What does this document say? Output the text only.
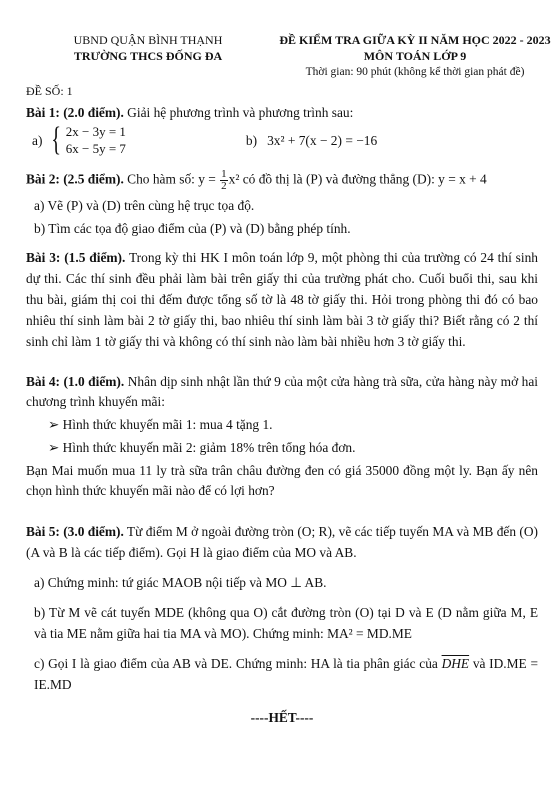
UBND QUẬN BÌNH THẠNH
TRƯỜNG THCS ĐỐNG ĐA
ĐỀ KIỂM TRA GIỮA KỲ II NĂM HỌC 2022 - 2023
MÔN TOÁN LỚP 9
Thời gian: 90 phút (không kể thời gian phát đề)
ĐỀ SỐ: 1

Bài 1: (2.0 điểm). Giải hệ phương trình và phương trình sau:

a) { 2x − 3y = 1
6x − 5y = 7
b) 3x² + 7(x − 2) = −16

Bài 2: (2.5 điểm). Cho hàm số: $y = \frac{1}{2} x^2$ có đồ thị là (P) và đường thẳng (D): y = x + 4

a) Vẽ (P) và (D) trên cùng hệ trục tọa độ.

b) Tìm các tọa độ giao điểm của (P) và (D) bằng phép tính.

Bài 3: (1.5 điểm). Trong kỳ thi HK I môn toán lớp 9, một phòng thi của trường có 24 thí sinh dự thi. Các thí sinh đều phải làm bài trên giấy thi của trường phát cho. Cuối buổi thi, sau khi thu bài, giám thị coi thi đếm được tổng số tờ là 48 tờ giấy thi. Hỏi trong phòng thi đó có bao nhiêu thí sinh làm bài 2 tờ giấy thi, bao nhiêu thí sinh làm bài 3 tờ giấy thi? Biết rằng có 2 thí sinh chỉ làm 1 tờ giấy thi và không có thí sinh nào làm bài nhiều hơn 3 tờ giấy thi.

Bài 4: (1.0 điểm). Nhân dịp sinh nhật lần thứ 9 của một cửa hàng trà sữa, cửa hàng này mở hai chương trình khuyến mãi:

➢ Hình thức khuyến mãi 1: mua 4 tặng 1.

➢ Hình thức khuyến mãi 2: giảm 18% trên tổng hóa đơn.

Bạn Mai muốn mua 11 ly trà sữa trân châu đường đen có giá 35000 đồng một ly. Bạn ấy nên chọn hình thức khuyến mãi nào để có lợi hơn?

Bài 5: (3.0 điểm). Từ điểm M ở ngoài đường tròn (O; R), vẽ các tiếp tuyến MA và MB đến (O) (A và B là các tiếp điểm). Gọi H là giao điểm của MO và AB.

a) Chứng minh: tứ giác MAOB nội tiếp và MO ⊥ AB.

b) Từ M vẽ cát tuyến MDE (không qua O) cắt đường tròn (O) tại D và E (D nằm giữa M, E và tia ME nằm giữa hai tia MA và MO). Chứng minh: MA² = MD.ME

c) Gọi I là giao điểm của AB và DE. Chứng minh: HA là tia phân giác của $\overline{DHE}$ và ID.ME = IE.MD

----HẾT----
